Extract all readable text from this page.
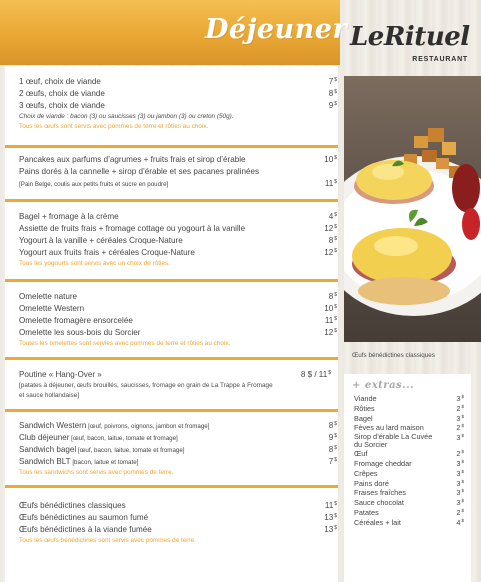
Déjeuner LeRituel
RESTAURANT
1 œuf, choix de viande	7$
2 œufs, choix de viande	8$
3 œufs, choix de viande	9$
Choix de viande : bacon (3) ou saucisses (3) ou jambon (3) ou creton (50g).
Tous les œufs sont servis avec pommes de terre et rôties au choix.
Pancakes aux parfums d’agrumes + fruits frais et sirop d’érable	10$
Pains dorés à la cannelle + sirop d’érable et ses pacanes pralinées
[Pain Belge, coulis aux petits fruits et sucre en poudre]	11$
Bagel + fromage à la crème	4$
Assiette de fruits frais + fromage cottage ou yogourt à la vanille	12$
Yogourt à la vanille + céréales Croque-Nature	8$
Yogourt aux fruits frais + céréales Croque-Nature	12$
Tous les yogourts sont servis avec un choix de rôties.
Omelette nature	8$
Omelette Western	10$
Omelette fromagère ensorcelée	11$
Omelette les sous-bois du Sorcier	12$
Toutes les omelettes sont servies avec pommes de terre et rôties au choix.
Poutine « Hang-Over »	8 $ / 11$
[patates à déjeuner, œufs brouillés, saucisses, fromage en grain de La Trappe à Fromage
et sauce hollandaise]
Sandwich Western [œuf, poivrons, oignons, jambon et fromage]	8$
Club déjeuner [œuf, bacon, laitue, tomate et fromage]	9$
Sandwich bagel [œuf, bacon, laitue, tomate et fromage]	8$
Sandwich BLT [bacon, laitue et tomate]	7$
Tous les sandwichs sont servis avec pommes de terre.
Œufs bénédictines classiques	11$
Œufs bénédictines au saumon fumé	13$
Œufs bénédictines à la viande fumée	13$
Tous les œufs bénédictines sont servis avec pommes de terre.
Œufs bénédictines classiques
+ extras...
Viande	3$
Rôties	2$
Bagel	3$
Fèves au lard maison	2$
Sirop d’érable La Cuvée du Sorcier
3$
Œuf	2$
Fromage cheddar	3$
Crêpes	3$
Pains doré	3$
Fraises fraîches	3$
Sauce chocolat	3$
Patates	2$
Céréales + lait	4$
